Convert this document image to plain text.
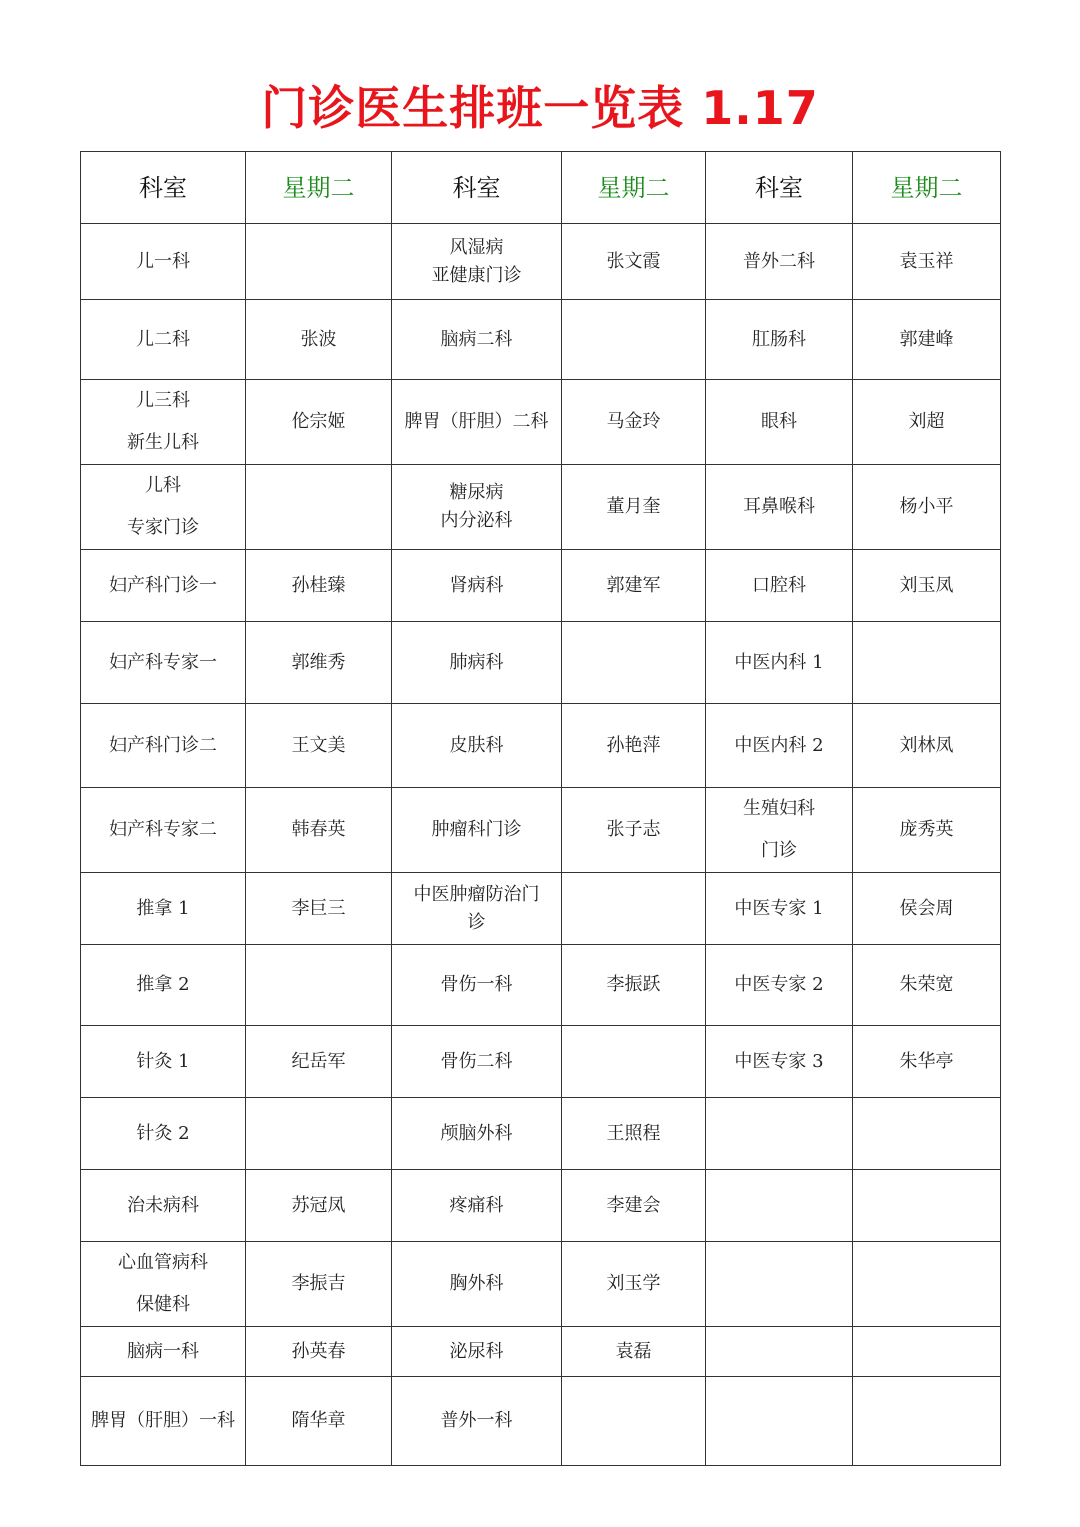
门诊医生排班一览表 1.17
科室	星期二	科室	星期二	科室	星期二

儿一科		风湿病
亚健康门诊	张文霞	普外二科	袁玉祥

儿二科	张波	脑病二科		肛肠科	郭建峰

儿三科
新生儿科	伦宗姬	脾胃（肝胆）二科	马金玲	眼科	刘超

儿科
专家门诊		糖尿病
内分泌科	董月奎	耳鼻喉科	杨小平

妇产科门诊一	孙桂臻	肾病科	郭建军	口腔科	刘玉凤

妇产科专家一	郭维秀	肺病科		中医内科 1	

妇产科门诊二	王文美	皮肤科	孙艳萍	中医内科 2	刘林凤

妇产科专家二	韩春英	肿瘤科门诊	张子志	生殖妇科
门诊	庞秀英

推拿 1	李巨三	中医肿瘤防治门
诊		中医专家 1	侯会周

推拿 2		骨伤一科	李振跃	中医专家 2	朱荣宽

针灸 1	纪岳军	骨伤二科		中医专家 3	朱华亭

针灸 2		颅脑外科	王照程		

治未病科	苏冠凤	疼痛科	李建会		

心血管病科
保健科	李振吉	胸外科	刘玉学		

脑病一科	孙英春	泌尿科	袁磊		

脾胃（肝胆）一科	隋华章	普外一科			
